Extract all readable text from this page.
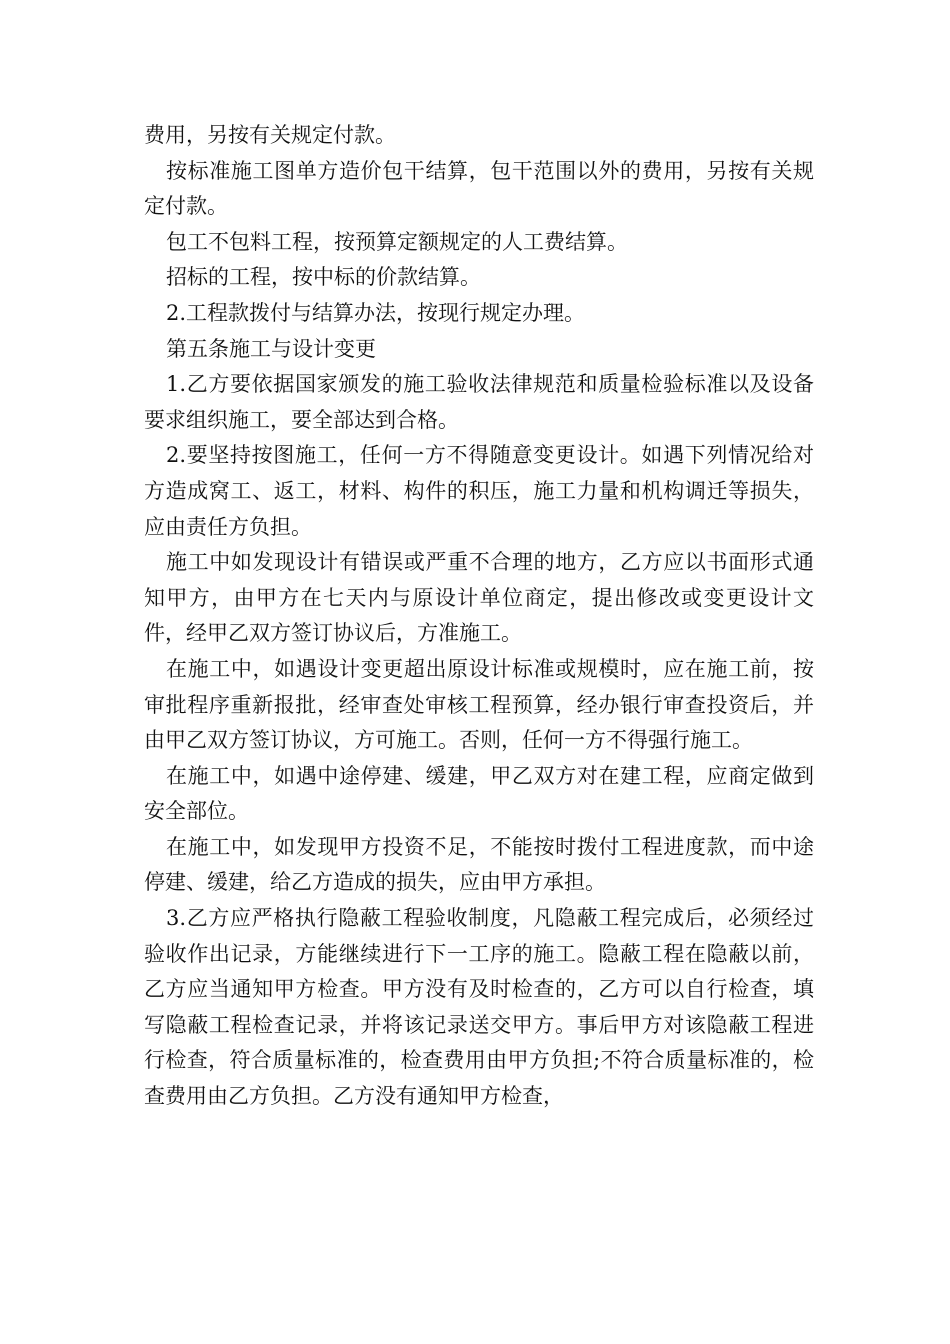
费用，另按有关规定付款。

按标准施工图单方造价包干结算，包干范围以外的费用，另按有关规定付款。

包工不包料工程，按预算定额规定的人工费结算。

招标的工程，按中标的价款结算。

2.工程款拨付与结算办法，按现行规定办理。

第五条施工与设计变更

1.乙方要依据国家颁发的施工验收法律规范和质量检验标准以及设备要求组织施工，要全部达到合格。

2.要坚持按图施工，任何一方不得随意变更设计。如遇下列情况给对方造成窝工、返工，材料、构件的积压，施工力量和机构调迁等损失，应由责任方负担。

施工中如发现设计有错误或严重不合理的地方，乙方应以书面形式通知甲方，由甲方在七天内与原设计单位商定，提出修改或变更设计文件，经甲乙双方签订协议后，方准施工。

在施工中，如遇设计变更超出原设计标准或规模时，应在施工前，按审批程序重新报批，经审查处审核工程预算，经办银行审查投资后，并由甲乙双方签订协议，方可施工。否则，任何一方不得强行施工。

在施工中，如遇中途停建、缓建，甲乙双方对在建工程，应商定做到安全部位。

在施工中，如发现甲方投资不足，不能按时拨付工程进度款，而中途停建、缓建，给乙方造成的损失，应由甲方承担。

3.乙方应严格执行隐蔽工程验收制度，凡隐蔽工程完成后，必须经过验收作出记录，方能继续进行下一工序的施工。隐蔽工程在隐蔽以前，乙方应当通知甲方检查。甲方没有及时检查的，乙方可以自行检查，填写隐蔽工程检查记录，并将该记录送交甲方。事后甲方对该隐蔽工程进行检查，符合质量标准的，检查费用由甲方负担;不符合质量标准的，检查费用由乙方负担。乙方没有通知甲方检查，
